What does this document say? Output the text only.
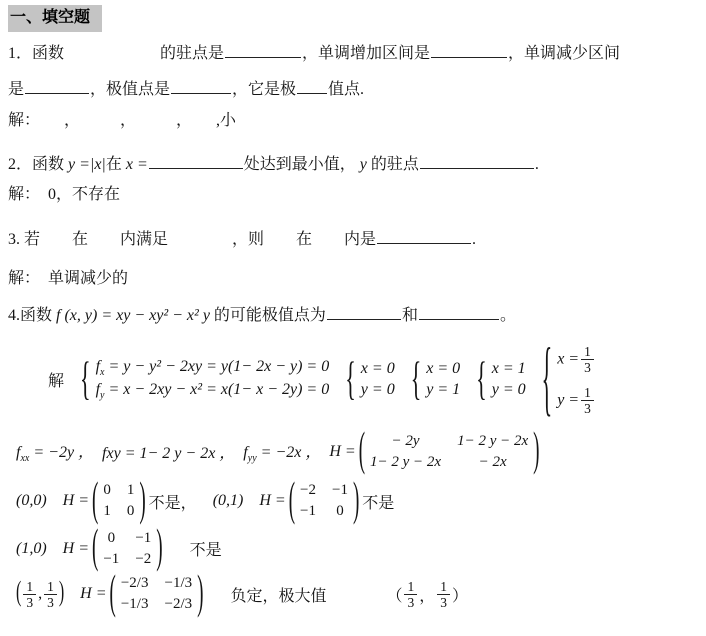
一、填空题
1．函数	的驻点是	，单调增加区间是	，单调减少区间
是	，极值点是	，它是极 值点.
解：　　，　　　，　　　，　　,小
2．函数 y =|x|在 x =	处达到最小值， y 的驻点	.
解：　0，不存在
3. 若　　在　　内满足　　　　，则　　在　　内是	.
解：　单调减少的
4.函数 f (x, y) = xy − xy² − x² y 的可能极值点为	和	。
解 { $f_x = y - y^2 - 2xy = y(1- 2x - y) = 0$
$f_y = x - 2xy - x^2 = x(1- x - 2y) = 0$ { x = 0
y = 0 { x = 0
y = 1 { x = 1
y = 0 { $x = \frac{1}{3}$
$y = \frac{1}{3}$
$f_{xx} = -2y$ ， fxy = 1− 2 y − 2x ， $f_{yy} = -2x$ ， H = ( − 2y	1− 2 y − 2x
1− 2 y − 2x	− 2x )
(0,0) H = ( 0 1
1 0 ) 不是， (0,1) H = ( −2 −1
−1 0 ) 不是
(1,0) H = ( 0 −1
−1 −2 ) 不是
( $\frac{1}{3}$ , $\frac{1}{3}$ ) H = ( −2/3 −1/3
−1/3 −2/3 ) 负定，极大值	（ $\frac{1}{3}$ ， $\frac{1}{3}$ ）
